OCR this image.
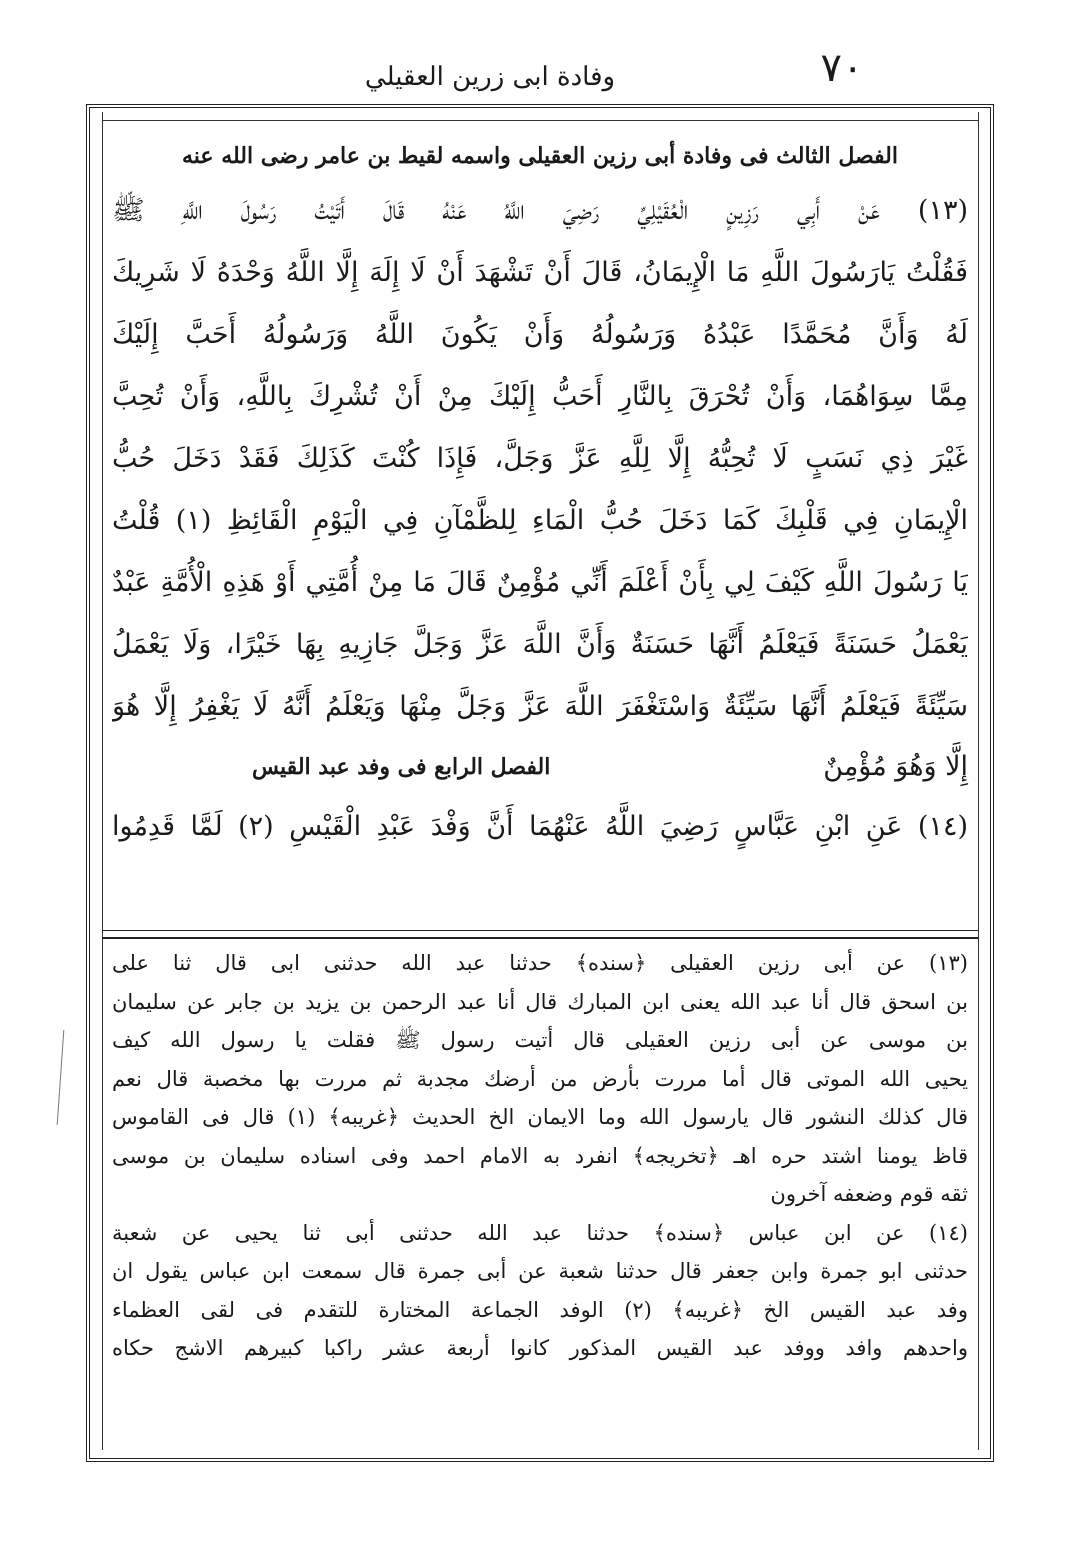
٧٠
وفادة ابى زرين العقيلي
الفصل الثالث فى وفادة أبى رزين العقيلى واسمه لقيط بن عامر رضى الله عنه
(١٣) عَنْ أَبِي رَزِينٍ الْعُقَيْلِيِّ رَضِيَ اللَّهُ عَنْهُ قَالَ أَتَيْتُ رَسُولَ اللَّهِ ﷺ
فَقُلْتُ يَارَسُولَ اللَّهِ مَا الْإِيمَانُ، قَالَ أَنْ تَشْهَدَ أَنْ لَا إِلَهَ إِلَّا اللَّهُ وَحْدَهُ لَا شَرِيكَ
لَهُ وَأَنَّ مُحَمَّدًا عَبْدُهُ وَرَسُولُهُ وَأَنْ يَكُونَ اللَّهُ وَرَسُولُهُ أَحَبَّ إِلَيْكَ
مِمَّا سِوَاهُمَا، وَأَنْ تُحْرَقَ بِالنَّارِ أَحَبُّ إِلَيْكَ مِنْ أَنْ تُشْرِكَ بِاللَّهِ، وَأَنْ تُحِبَّ
غَيْرَ ذِي نَسَبٍ لَا تُحِبُّهُ إِلَّا لِلَّهِ عَزَّ وَجَلَّ، فَإِذَا كُنْتَ كَذَلِكَ فَقَدْ دَخَلَ حُبُّ
الْإِيمَانِ فِي قَلْبِكَ كَمَا دَخَلَ حُبُّ الْمَاءِ لِلظَّمْآنِ فِي الْيَوْمِ الْقَائِظِ (١) قُلْتُ
يَا رَسُولَ اللَّهِ كَيْفَ لِي بِأَنْ أَعْلَمَ أَنِّي مُؤْمِنٌ قَالَ مَا مِنْ أُمَّتِي أَوْ هَذِهِ الْأُمَّةِ عَبْدٌ
يَعْمَلُ حَسَنَةً فَيَعْلَمُ أَنَّهَا حَسَنَةٌ وَأَنَّ اللَّهَ عَزَّ وَجَلَّ جَازِيهِ بِهَا خَيْرًا، وَلَا يَعْمَلُ
سَيِّئَةً فَيَعْلَمُ أَنَّهَا سَيِّئَةٌ وَاسْتَغْفَرَ اللَّهَ عَزَّ وَجَلَّ مِنْهَا وَيَعْلَمُ أَنَّهُ لَا يَغْفِرُ إِلَّا هُوَ
إِلَّا وَهُوَ مُؤْمِنٌ
الفصل الرابع فى وفد عبد القيس
(١٤) عَنِ ابْنِ عَبَّاسٍ رَضِيَ اللَّهُ عَنْهُمَا أَنَّ وَفْدَ عَبْدِ الْقَيْسِ (٢) لَمَّا قَدِمُوا
(١٣) عن أبى رزين العقيلى ﴿سنده﴾ حدثنا عبد الله حدثنى ابى قال ثنا على
بن اسحق قال أنا عبد الله يعنى ابن المبارك قال أنا عبد الرحمن بن يزيد بن جابر عن سليمان
بن موسى عن أبى رزين العقيلى قال أتيت رسول ﷺ فقلت يا رسول الله كيف
يحيى الله الموتى قال أما مررت بأرض من أرضك مجدبة ثم مررت بها مخصبة قال نعم
قال كذلك النشور قال يارسول الله وما الايمان الخ الحديث ﴿غريبه﴾ (١) قال فى القاموس
قاظ يومنا اشتد حره اهـ ﴿تخريجه﴾ انفرد به الامام احمد وفى اسناده سليمان بن موسى
ثقه قوم وضعفه آخرون
(١٤) عن ابن عباس ﴿سنده﴾ حدثنا عبد الله حدثنى أبى ثنا يحيى عن شعبة
حدثنى ابو جمرة وابن جعفر قال حدثنا شعبة عن أبى جمرة قال سمعت ابن عباس يقول ان
وفد عبد القيس الخ ﴿غريبه﴾ (٢) الوفد الجماعة المختارة للتقدم فى لقى العظماء
واحدهم وافد ووفد عبد القيس المذكور كانوا أربعة عشر راكبا كبيرهم الاشج حكاه
